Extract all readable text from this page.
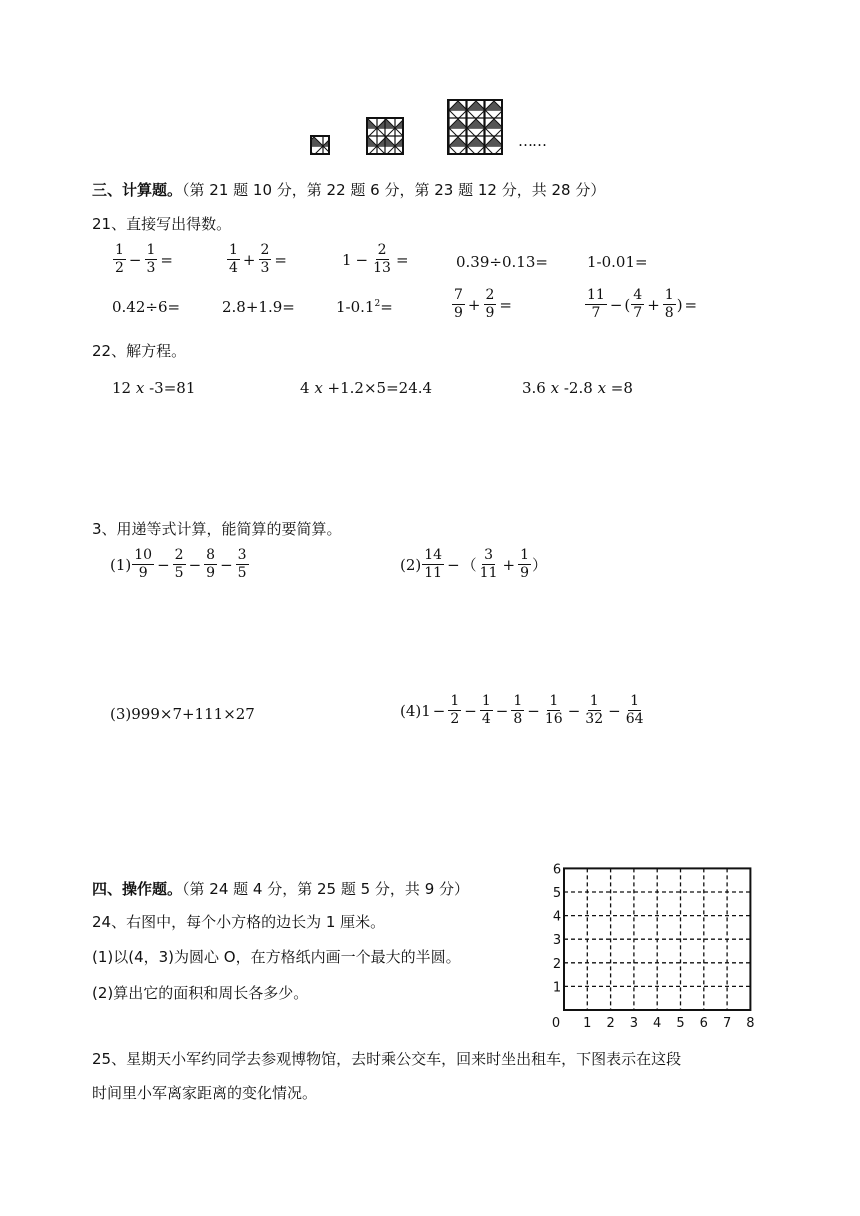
……
三、计算题。（第 21 题 10 分，第 22 题 6 分，第 23 题 12 分，共 28 分）
21、直接写出得数。
$\frac{1}{2} - \frac{1}{3}$ =	$\frac{1}{4} + \frac{2}{3}$ =	$1 - \frac{2}{13}$ =	0.39÷0.13=	1-0.01=
0.42÷6=	2.8+1.9=	$1-0.1^2=$	$\frac{7}{9} + \frac{2}{9}$ =	$\frac{11}{7}$ − ( $\frac{4}{7} + \frac{1}{8}$ ) =
22、解方程。
12 x -3=81	4 x +1.2×5=24.4	3.6 x -2.8 x =8
3、用递等式计算，能简算的要简算。
$(1) \frac{10}{9} - \frac{2}{5} - \frac{8}{9} - \frac{3}{5}$	$(2) \frac{14}{11}$ − （ $\frac{3}{11} + \frac{1}{9}$ ）
(3)999×7+111×27	$(4)1 - \frac{1}{2} - \frac{1}{4} - \frac{1}{8} - \frac{1}{16} - \frac{1}{32} - \frac{1}{64}$
四、操作题。（第 24 题 4 分，第 25 题 5 分，共 9 分）
24、右图中，每个小方格的边长为 1 厘米。
(1)以(4，3)为圆心 O，在方格纸内画一个最大的半圆。
(2)算出它的面积和周长各多少。
0 1 2 3 4 5 6 7 8
1
2
3
4
5
6
25、星期天小军约同学去参观博物馆，去时乘公交车，回来时坐出租车，下图表示在这段
时间里小军离家距离的变化情况。
